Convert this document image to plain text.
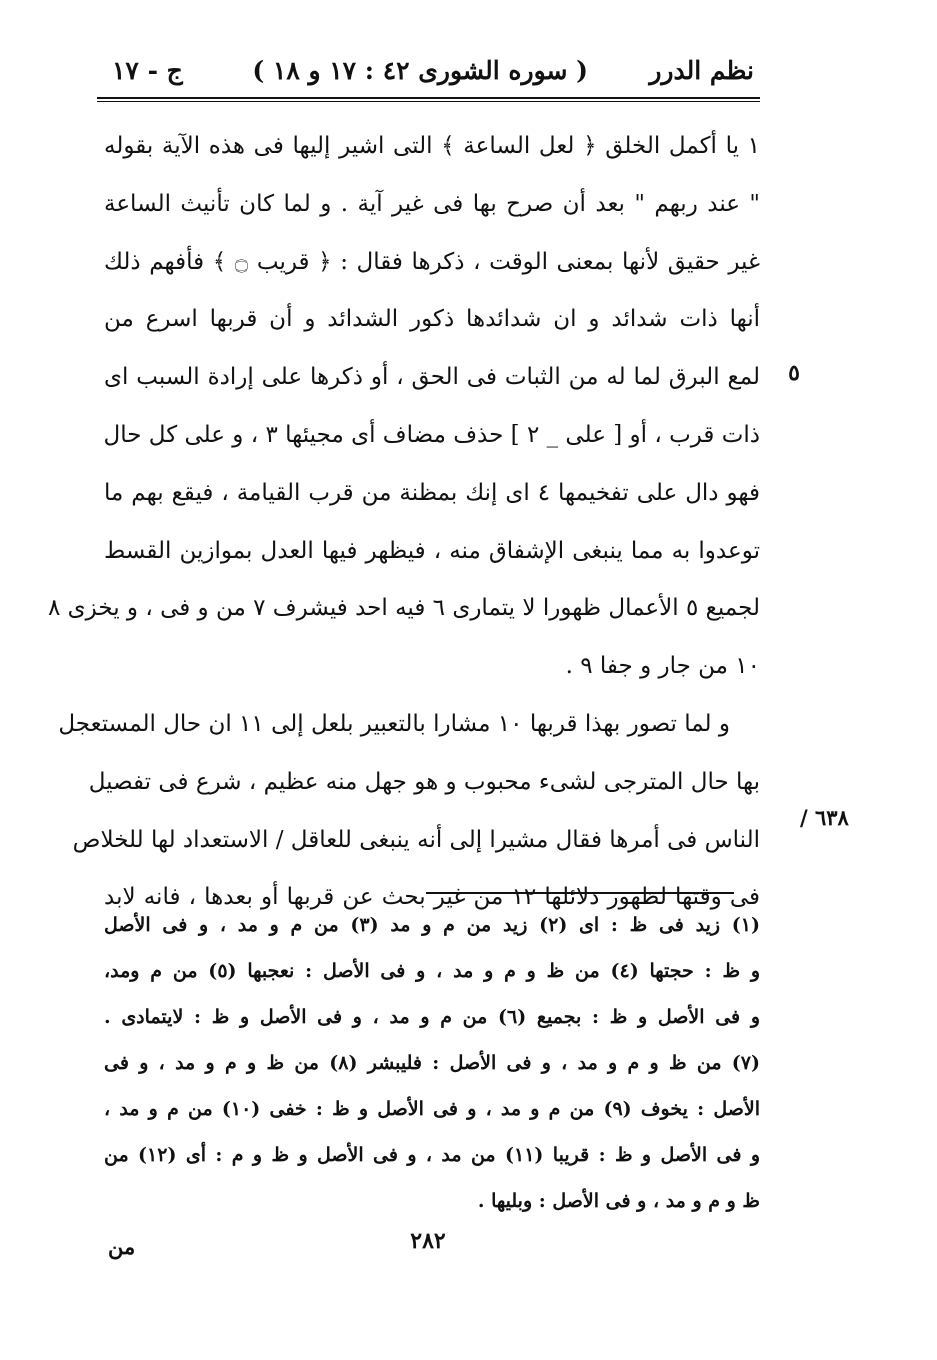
نظم الدرر
( سوره الشورى ٤٢ : ١٧ و ١٨ )
ج - ١٧
١ يا أكمل الخلق ﴿ لعل الساعة ﴾ التى اشير إليها فى هذه الآية بقوله
" عند ربهم " بعد أن صرح بها فى غير آية . و لما كان تأنيث الساعة
غير حقيق لأنها بمعنى الوقت ، ذكرها فقال : ﴿ قريب ۝ ﴾ فأفهم ذلك
أنها ذات شدائد و ان شدائدها ذكور الشدائد و أن قربها اسرع من
لمع البرق لما له من الثبات فى الحق ، أو ذكرها على إرادة السبب اى
ذات قرب ، أو [ على _ ٢ ] حذف مضاف أى مجيئها ٣ ، و على كل حال
فهو دال على تفخيمها ٤ اى إنك بمظنة من قرب القيامة ، فيقع بهم ما
توعدوا به مما ينبغى الإشفاق منه ، فيظهر فيها العدل بموازين القسط
لجميع ٥ الأعمال ظهورا لا يتمارى ٦ فيه احد فيشرف ٧ من و فى ، و يخزى ٨
١٠ من جار و جفا ٩ .
و لما تصور بهذا قربها ١٠ مشارا بالتعبير بلعل إلى ١١ ان حال المستعجل
بها حال المترجى لشىء محبوب و هو جهل منه عظيم ، شرع فى تفصيل
الناس فى أمرها فقال مشيرا إلى أنه ينبغى للعاقل / الاستعداد لها للخلاص
فى وقتها لظهور دلائلها ١٢ من غير بحث عن قربها أو بعدها ، فانه لابد
٥
٦٣٨ /
(١) زيد فى ظ : اى (٢) زيد من م و مد (٣) من م و مد ، و فى الأصل
و ظ : حجتها (٤) من ظ و م و مد ، و فى الأصل : نعجبها (٥) من م ومد،
و فى الأصل و ظ : بجميع (٦) من م و مد ، و فى الأصل و ظ : لايتمادى .
(٧) من ظ و م و مد ، و فى الأصل : فليبشر (٨) من ظ و م و مد ، و فى
الأصل : يخوف (٩) من م و مد ، و فى الأصل و ظ : خفى (١٠) من م و مد ،
و فى الأصل و ظ : قريبا (١١) من مد ، و فى الأصل و ظ و م : أى (١٢) من
ظ و م و مد ، و فى الأصل : وبليها .
٢٨٢
من
